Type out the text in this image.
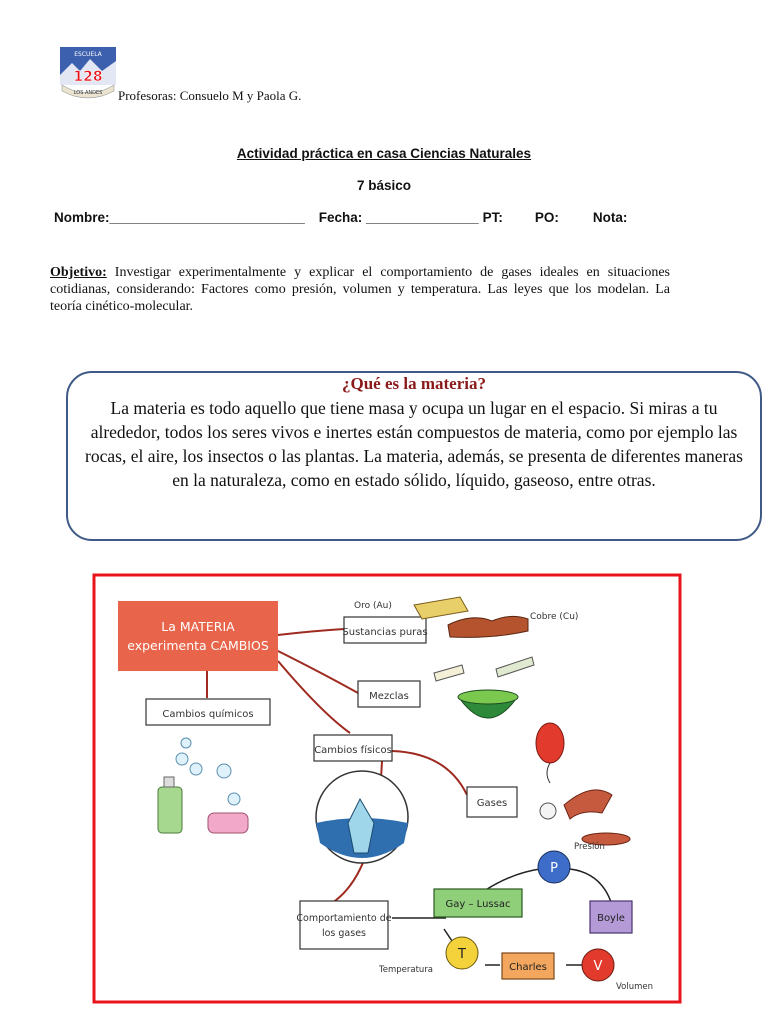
ESCUELA
128
LOS ANDES Profesoras: Consuelo M y Paola G.
Actividad práctica en casa Ciencias Naturales
7 básico
Nombre:__________________________ Fecha: _______________ PT: PO:	Nota:
Objetivo: Investigar experimentalmente y explicar el comportamiento de gases ideales en situaciones cotidianas, considerando: Factores como presión, volumen y temperatura. Las leyes que los modelan. La teoría cinético-molecular.
¿Qué es la materia?
La materia es todo aquello que tiene masa y ocupa un lugar en el espacio. Si miras a tu alrededor, todos los seres vivos e inertes están compuestos de materia, como por ejemplo las rocas, el aire, los insectos o las plantas. La materia, además, se presenta de diferentes maneras en la naturaleza, como en estado sólido, líquido, gaseoso, entre otras.
La MATERIA
experimenta CAMBIOS
Sustancias puras
Oro (Au)
Cobre (Cu)
Mezclas
Cambios químicos
Cambios físicos
Gases
Comportamiento de
los gases
Gay – Lussac
Boyle
Charles
P
Presión
T
Temperatura	V
Volumen
